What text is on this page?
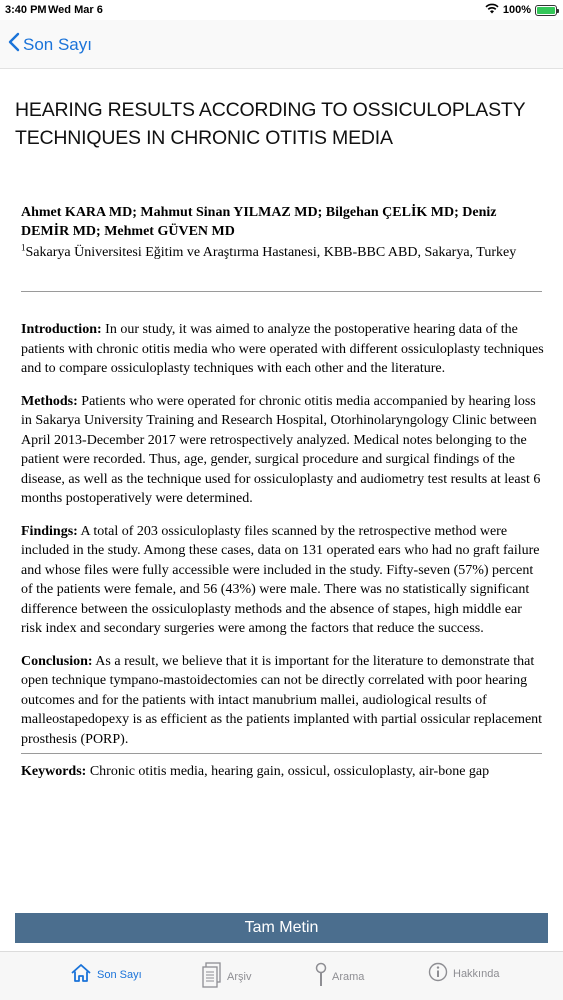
3:40 PM Wed Mar 6	100%
Son Sayı
HEARING RESULTS ACCORDING TO OSSICULOPLASTY TECHNIQUES IN CHRONIC OTITIS MEDIA
Ahmet KARA MD; Mahmut Sinan YILMAZ MD; Bilgehan ÇELİK MD; Deniz DEMİR MD; Mehmet GÜVEN MD
$^1$Sakarya Üniversitesi Eğitim ve Araştırma Hastanesi, KBB-BBC ABD, Sakarya, Turkey

Introduction: In our study, it was aimed to analyze the postoperative hearing data of the patients with chronic otitis media who were operated with different ossiculoplasty techniques and to compare ossiculoplasty techniques with each other and the literature.

Methods: Patients who were operated for chronic otitis media accompanied by hearing loss in Sakarya University Training and Research Hospital, Otorhinolaryngology Clinic between April 2013-December 2017 were retrospectively analyzed. Medical notes belonging to the patient were recorded. Thus, age, gender, surgical procedure and surgical findings of the disease, as well as the technique used for ossiculoplasty and audiometry test results at least 6 months postoperatively were determined.

Findings: A total of 203 ossiculoplasty files scanned by the retrospective method were included in the study. Among these cases, data on 131 operated ears who had no graft failure and whose files were fully accessible were included in the study. Fifty-seven (57%) percent of the patients were female, and 56 (43%) were male. There was no statistically significant difference between the ossiculoplasty methods and the absence of stapes, high middle ear risk index and secondary surgeries were among the factors that reduce the success.

Conclusion: As a result, we believe that it is important for the literature to demonstrate that open technique tympano-mastoidectomies can not be directly correlated with poor hearing outcomes and for the patients with intact manubrium mallei, audiological results of malleostapedopexy is as efficient as the patients implanted with partial ossicular replacement prosthesis (PORP).

Keywords: Chronic otitis media, hearing gain, ossicul, ossiculoplasty, air-bone gap

Tam Metin
Son Sayı	Arşiv	Arama	Hakkında
